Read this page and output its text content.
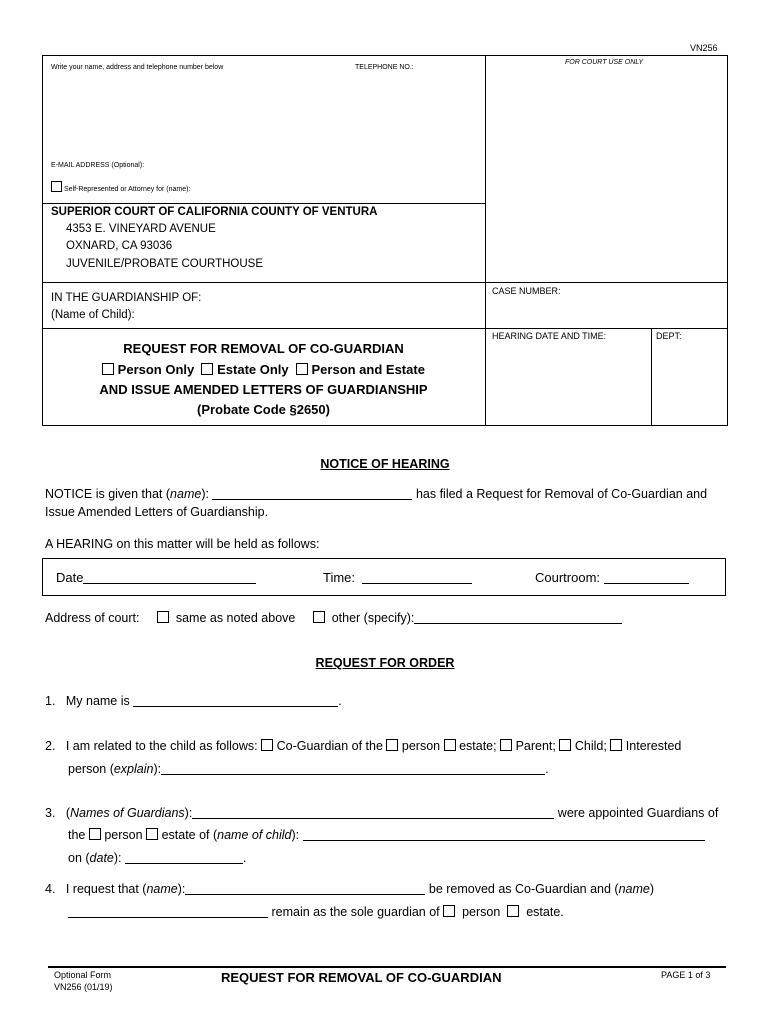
VN256
Write your name, address and telephone number below	TELEPHONE NO.:
FOR COURT USE ONLY
E-MAIL ADDRESS (Optional):
Self-Represented or Attorney for (name):
SUPERIOR COURT OF CALIFORNIA COUNTY OF VENTURA
4353 E. VINEYARD AVENUE
OXNARD, CA 93036
JUVENILE/PROBATE COURTHOUSE
IN THE GUARDIANSHIP OF:
(Name of Child):
CASE NUMBER:
HEARING DATE AND TIME:	DEPT:
REQUEST FOR REMOVAL OF CO-GUARDIAN
Person Only Estate Only Person and Estate
AND ISSUE AMENDED LETTERS OF GUARDIANSHIP
(Probate Code §2650)
NOTICE OF HEARING
NOTICE is given that (name):	has filed a Request for Removal of Co-Guardian and
Issue Amended Letters of Guardianship.
A HEARING on this matter will be held as follows:
Date	Time:	Courtroom:
Address of court:	same as noted above	other (specify):
REQUEST FOR ORDER
1. My name is	.
2. I am related to the child as follows: Co-Guardian of the person estate; Parent; Child; Interested
person (explain):	.
3. (Names of Guardians):	were appointed Guardians of
the person estate of (name of child):
on (date):	.
4. I request that (name):	be removed as Co-Guardian and (name)
remain as the sole guardian of person estate.
Optional Form
VN256 (01/19)
REQUEST FOR REMOVAL OF CO-GUARDIAN	PAGE 1 of 3
